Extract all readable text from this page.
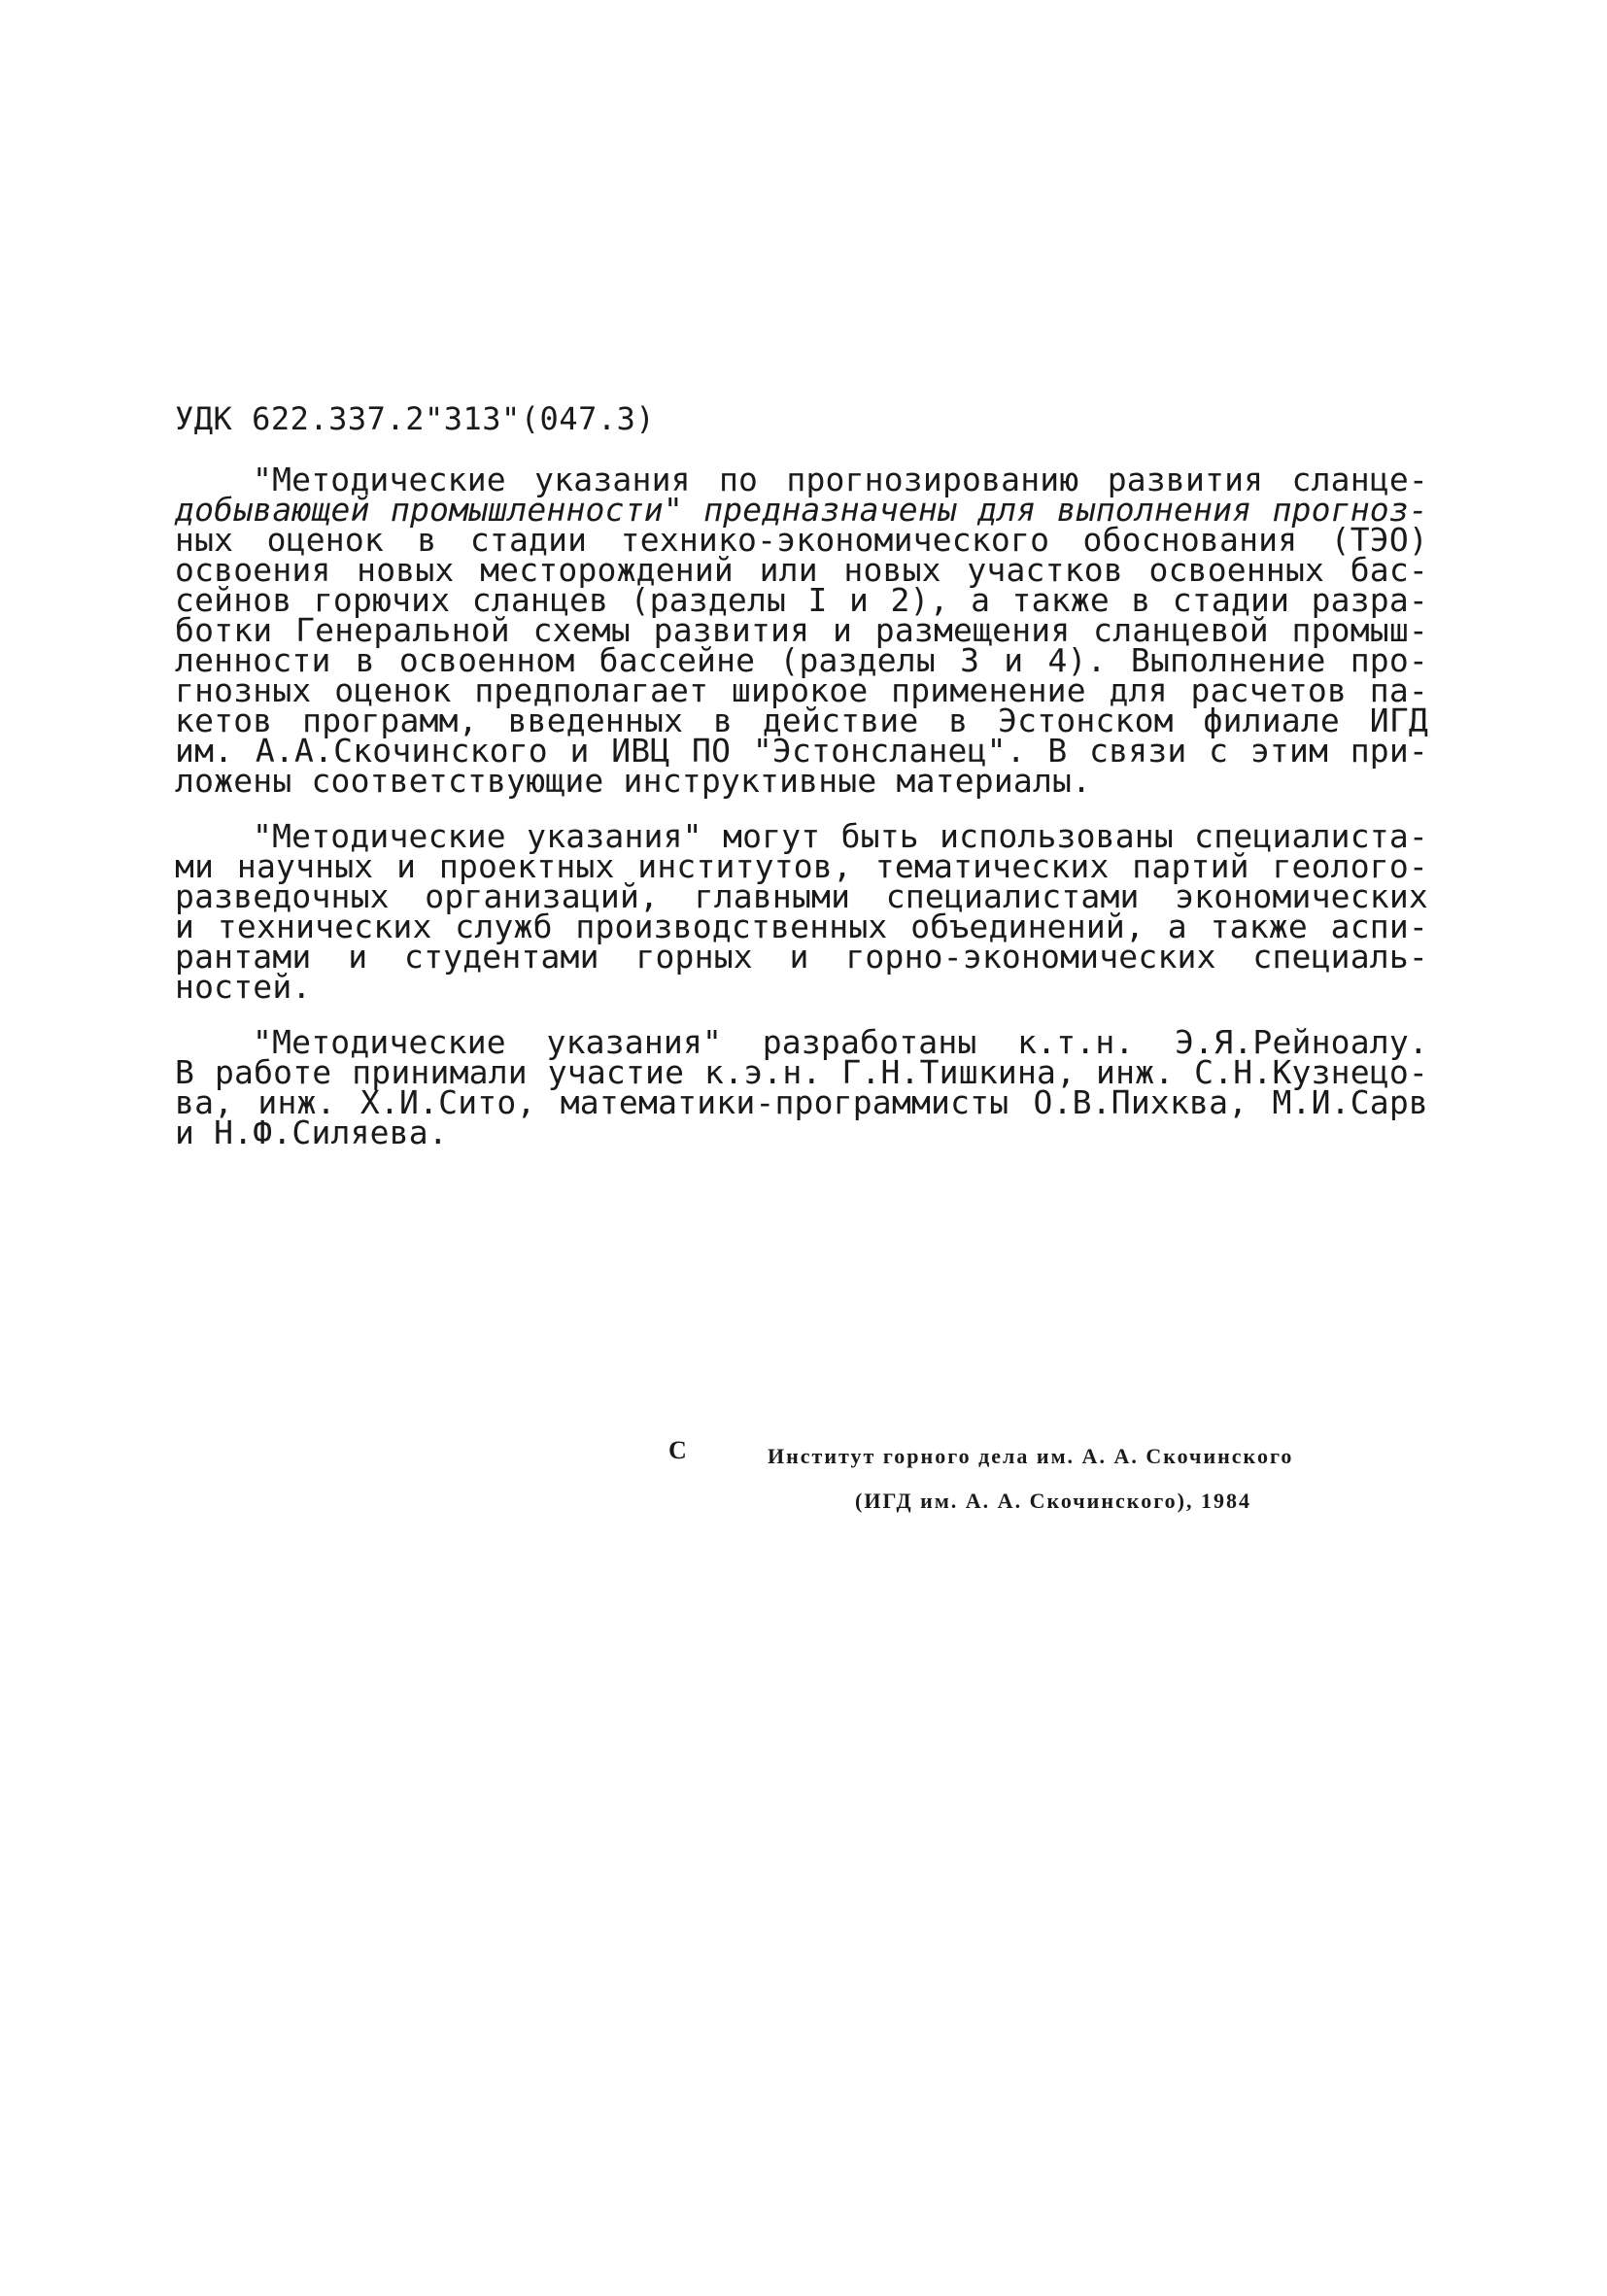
УДК 622.337.2"313"(047.3)
"Методические указания по прогнозированию развития сланце-
добывающей промышленности" предназначены для выполнения прогноз-
ных оценок в стадии технико-экономического обоснования (ТЭО)
освоения новых месторождений или новых участков освоенных бас-
сейнов горючих сланцев (разделы I и 2), а также в стадии разра-
ботки Генеральной схемы развития и размещения сланцевой промыш-
ленности в освоенном бассейне (разделы 3 и 4). Выполнение про-
гнозных оценок предполагает широкое применение для расчетов па-
кетов программ, введенных в действие в Эстонском филиале ИГД
им. А.А.Скочинского и ИВЦ ПО "Эстонсланец". В связи с этим при-
ложены соответствующие инструктивные материалы.
"Методические указания" могут быть использованы специалиста-
ми научных и проектных институтов, тематических партий геолого-
разведочных организаций, главными специалистами экономических
и технических служб производственных объединений, а также аспи-
рантами и студентами горных и горно-экономических специаль-
ностей.
"Методические указания" разработаны к.т.н. Э.Я.Рейноалу.
В работе принимали участие к.э.н. Г.Н.Тишкина, инж. С.Н.Кузнецо-
ва, инж. Х.И.Сито, математики-программисты О.В.Пихква, М.И.Сарв
и Н.Ф.Силяева.
C	Институт горного дела им. А. А. Скочинского
(ИГД им. А. А. Скочинского), 1984
